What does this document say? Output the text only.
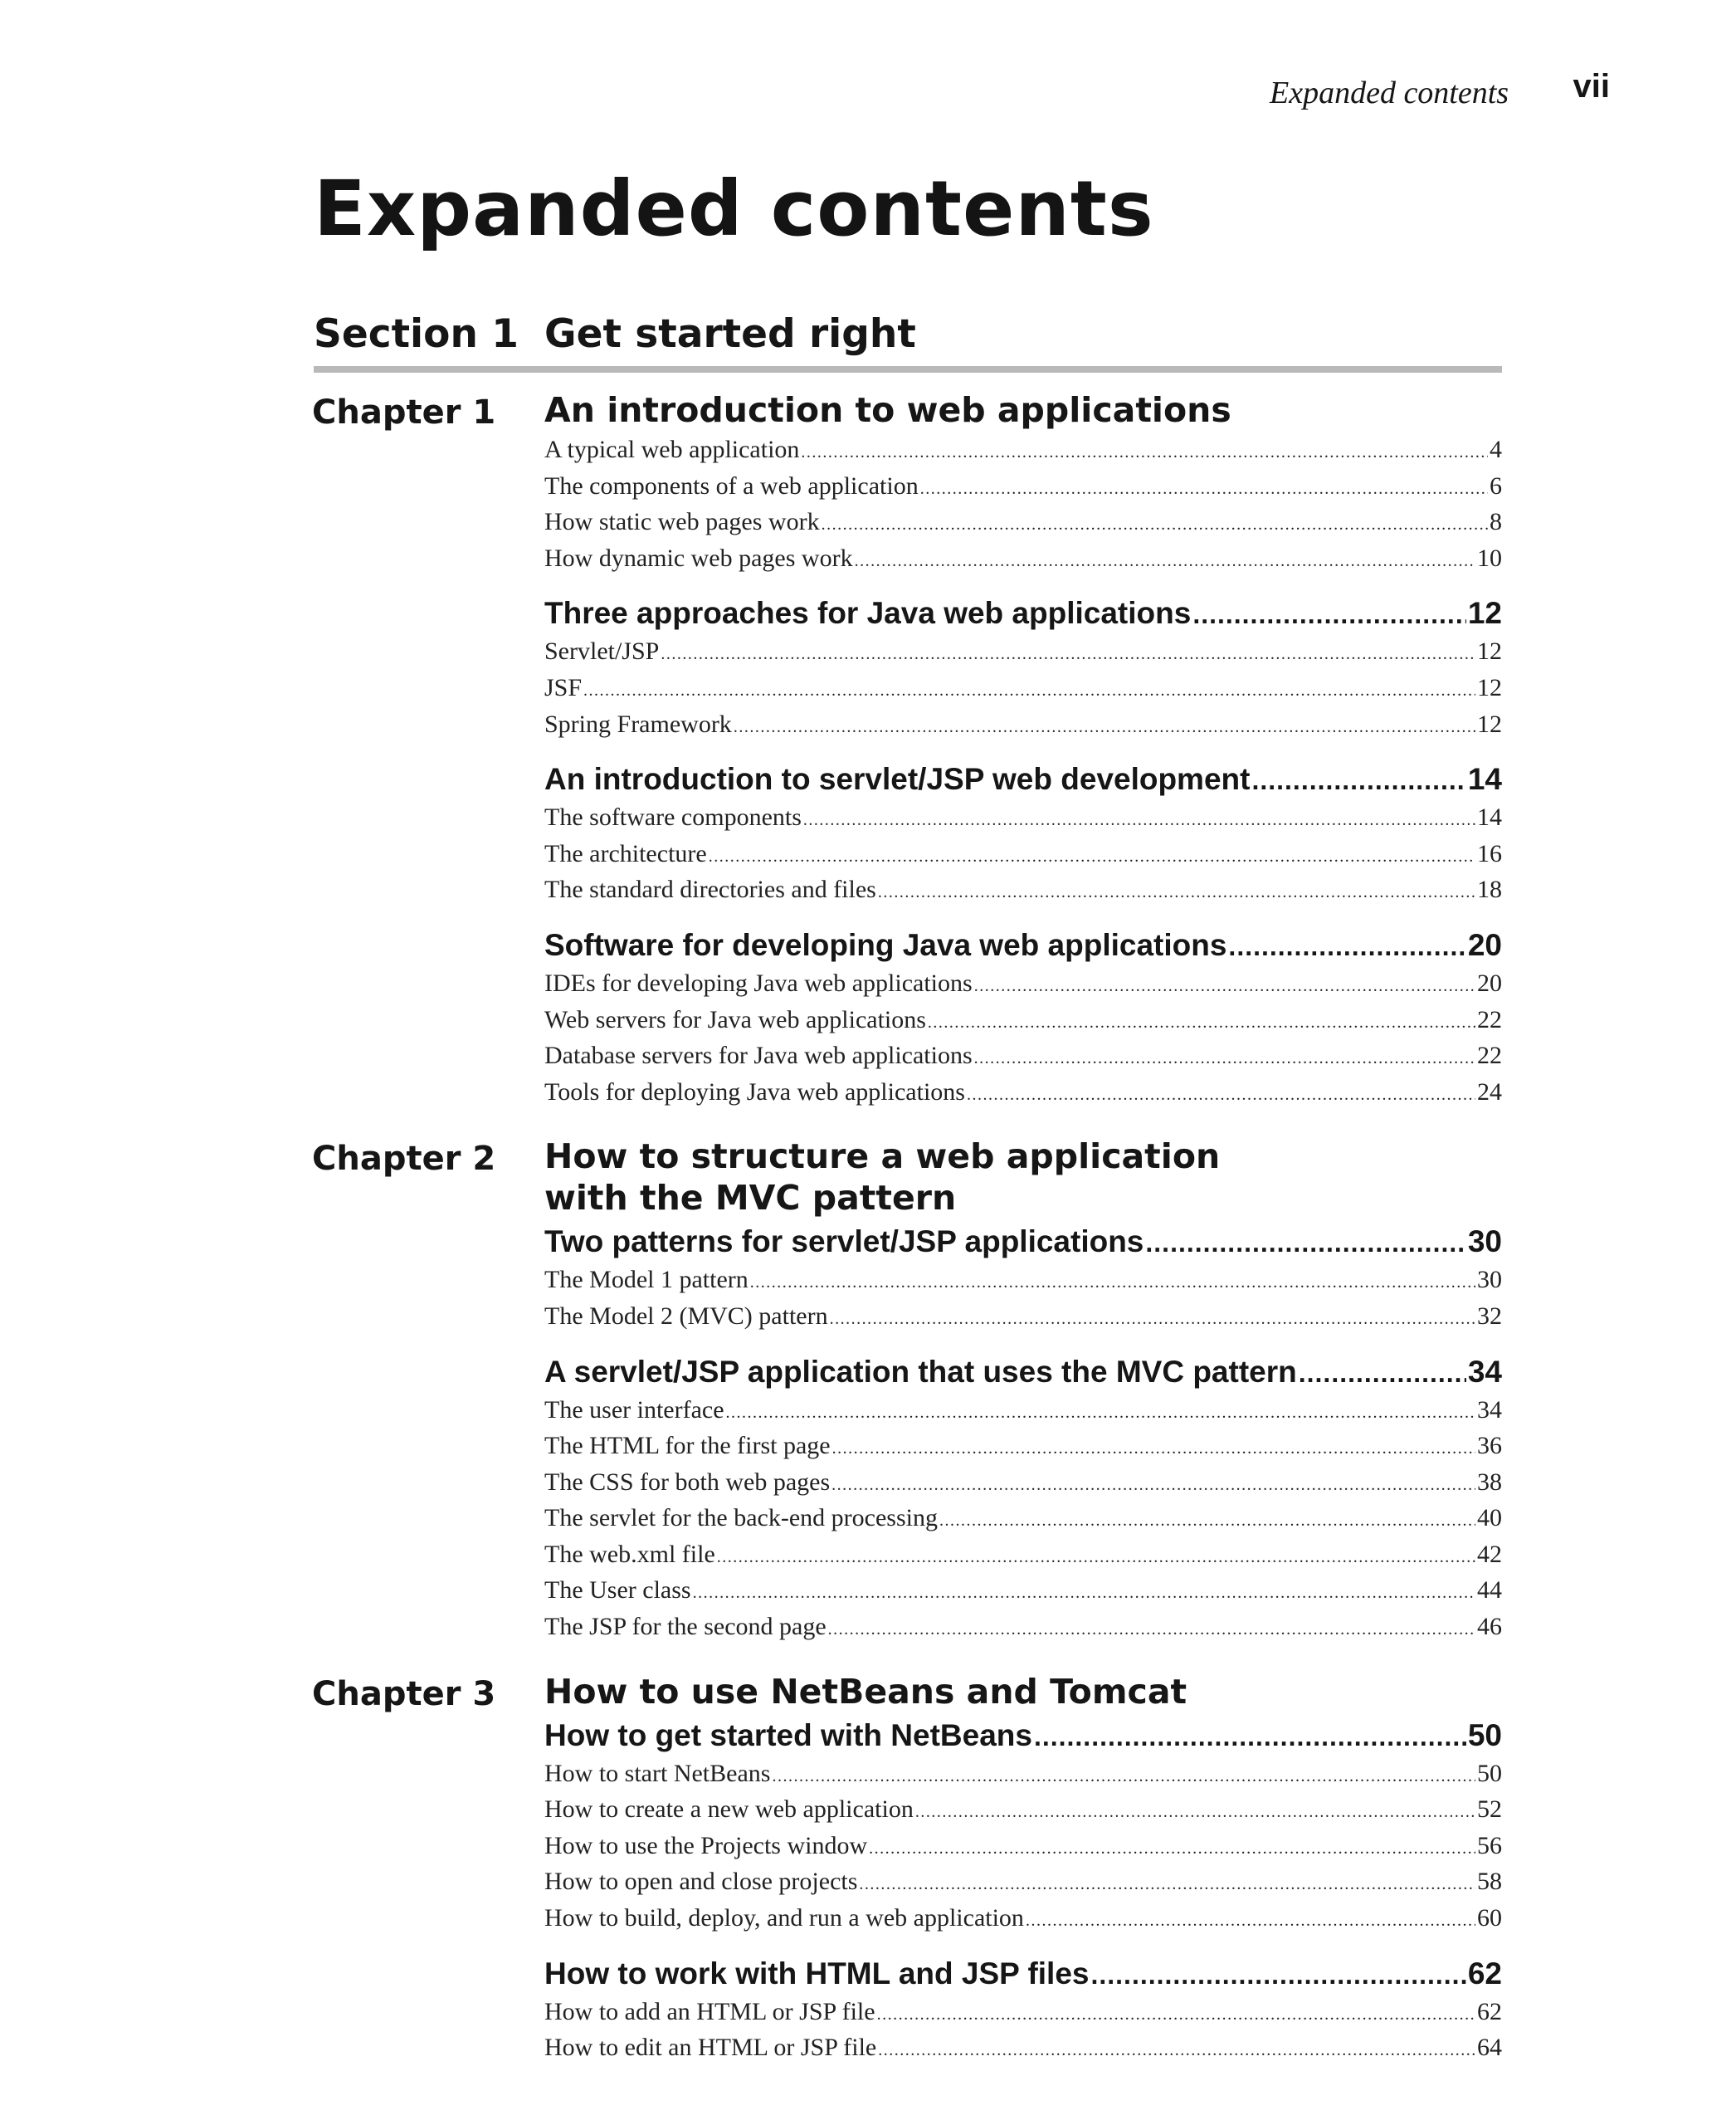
Expanded contents vii
Expanded contents
Section 1 Get started right
Chapter 1 An introduction to web applications
A typical web application .....	4
The components of a web application .....	6
How static web pages work .....	8
How dynamic web pages work .....	10
Three approaches for Java web applications .....	12
Servlet/JSP .....	12
JSF .....	12
Spring Framework .....	12
An introduction to servlet/JSP web development .....	14
The software components .....	14
The architecture .....	16
The standard directories and files .....	18
Software for developing Java web applications .....	20
IDEs for developing Java web applications .....	20
Web servers for Java web applications .....	22
Database servers for Java web applications .....	22
Tools for deploying Java web applications .....	24
Chapter 2 How to structure a web application
with the MVC pattern
Two patterns for servlet/JSP applications .....	30
The Model 1 pattern .....	30
The Model 2 (MVC) pattern .....	32
A servlet/JSP application that uses the MVC pattern .....	34
The user interface .....	34
The HTML for the first page .....	36
The CSS for both web pages .....	38
The servlet for the back-end processing .....	40
The web.xml file .....	42
The User class .....	44
The JSP for the second page .....	46
Chapter 3 How to use NetBeans and Tomcat
How to get started with NetBeans .....	50
How to start NetBeans .....	50
How to create a new web application .....	52
How to use the Projects window .....	56
How to open and close projects .....	58
How to build, deploy, and run a web application .....	60
How to work with HTML and JSP files .....	62
How to add an HTML or JSP file .....	62
How to edit an HTML or JSP file .....	64
